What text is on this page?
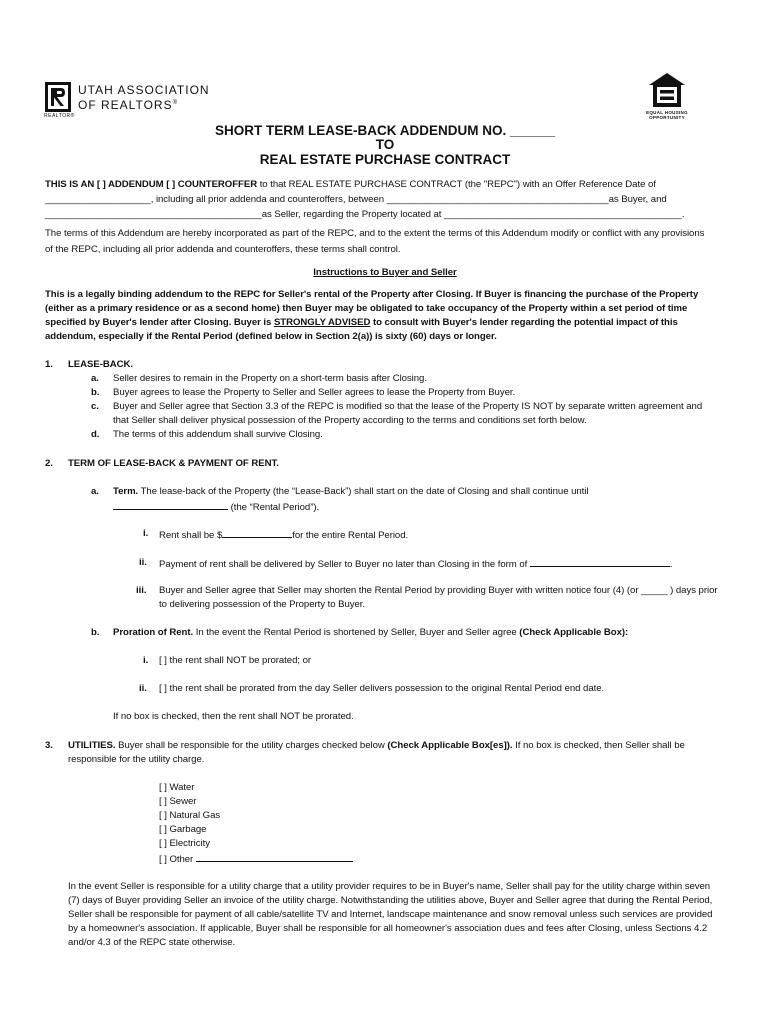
REALTOR®
UTAH ASSOCIATION
OF REALTORS®
EQUAL HOUSING
OPPORTUNITY
SHORT TERM LEASE-BACK ADDENDUM NO. ______
TO
REAL ESTATE PURCHASE CONTRACT
THIS IS AN [ ] ADDENDUM [ ] COUNTEROFFER to that REAL ESTATE PURCHASE CONTRACT (the "REPC") with an Offer Reference Date of
____________________, including all prior addenda and counteroffers, between __________________________________________as Buyer, and
_________________________________________as Seller, regarding the Property located at _____________________________________________.
The terms of this Addendum are hereby incorporated as part of the REPC, and to the extent the terms of this Addendum modify or conflict with any provisions
of the REPC, including all prior addenda and counteroffers, these terms shall control.
Instructions to Buyer and Seller
This is a legally binding addendum to the REPC for Seller's rental of the Property after Closing. If Buyer is financing the purchase of the Property
(either as a primary residence or as a second home) then Buyer may be obligated to take occupancy of the Property within a set period of time
specified by Buyer's lender after Closing. Buyer is STRONGLY ADVISED to consult with Buyer's lender regarding the potential impact of this
addendum, especially if the Rental Period (defined below in Section 2(a)) is sixty (60) days or longer.
1. LEASE-BACK.
a. Seller desires to remain in the Property on a short-term basis after Closing.
b. Buyer agrees to lease the Property to Seller and Seller agrees to lease the Property from Buyer.
c. Buyer and Seller agree that Section 3.3 of the REPC is modified so that the lease of the Property IS NOT by separate written agreement and
that Seller shall deliver physical possession of the Property according to the terms and conditions set forth below.
d. The terms of this addendum shall survive Closing.
2. TERM OF LEASE-BACK & PAYMENT OF RENT.
a. Term. The lease-back of the Property (the “Lease-Back”) shall start on the date of Closing and shall continue until
(the “Rental Period”).
i. Rent shall be $	for the entire Rental Period.
ii. Payment of rent shall be delivered by Seller to Buyer no later than Closing in the form of	.
iii. Buyer and Seller agree that Seller may shorten the Rental Period by providing Buyer with written notice four (4) (or _____ ) days prior
to delivering possession of the Property to Buyer.
b. Proration of Rent. In the event the Rental Period is shortened by Seller, Buyer and Seller agree (Check Applicable Box):
i. [ ] the rent shall NOT be prorated; or
ii. [ ] the rent shall be prorated from the day Seller delivers possession to the original Rental Period end date.
If no box is checked, then the rent shall NOT be prorated.
3. UTILITIES. Buyer shall be responsible for the utility charges checked below (Check Applicable Box[es]). If no box is checked, then Seller shall be
responsible for the utility charge.
[ ] Water
[ ] Sewer
[ ] Natural Gas
[ ] Garbage
[ ] Electricity
[ ] Other
In the event Seller is responsible for a utility charge that a utility provider requires to be in Buyer's name, Seller shall pay for the utility charge within seven
(7) days of Buyer providing Seller an invoice of the utility charge. Notwithstanding the utilities above, Buyer and Seller agree that during the Rental Period,
Seller shall be responsible for payment of all cable/satellite TV and Internet, landscape maintenance and snow removal unless such services are provided
by a homeowner's association. If applicable, Buyer shall be responsible for all homeowner's association dues and fees after Closing, unless Sections 4.2
and/or 4.3 of the REPC state otherwise.
